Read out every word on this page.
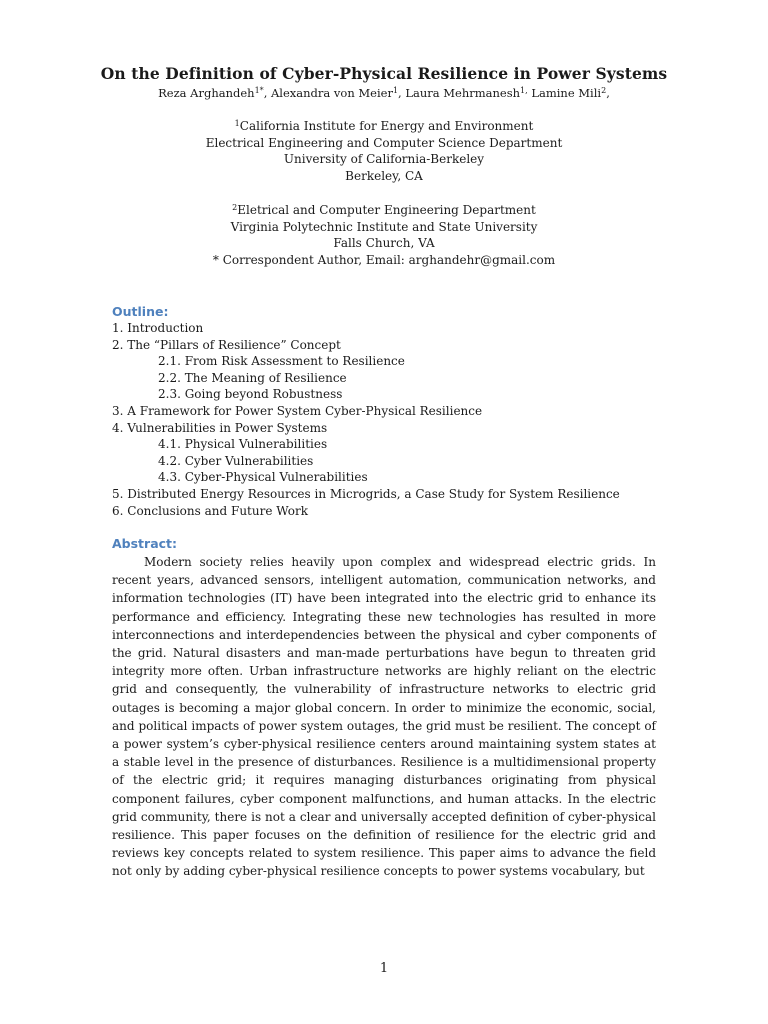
On the Definition of Cyber-Physical Resilience in Power Systems
Reza Arghandeh$^{1*}$, Alexandra von Meier$^1$, Laura Mehrmanesh$^{1,}$ Lamine Mili$^2$,
$^1$California Institute for Energy and Environment
Electrical Engineering and Computer Science Department
University of California-Berkeley
Berkeley, CA
$^2$Eletrical and Computer Engineering Department
Virginia Polytechnic Institute and State University
Falls Church, VA
* Correspondent Author, Email: arghandehr@gmail.com
Outline:
1. Introduction
2. The “Pillars of Resilience” Concept
2.1. From Risk Assessment to Resilience
2.2. The Meaning of Resilience
2.3. Going beyond Robustness
3. A Framework for Power System Cyber-Physical Resilience
4. Vulnerabilities in Power Systems
4.1. Physical Vulnerabilities
4.2. Cyber Vulnerabilities
4.3. Cyber-Physical Vulnerabilities
5. Distributed Energy Resources in Microgrids, a Case Study for System Resilience
6. Conclusions and Future Work
Abstract:
Modern society relies heavily upon complex and widespread electric grids. In recent years, advanced sensors, intelligent automation, communication networks, and information technologies (IT) have been integrated into the electric grid to enhance its performance and efficiency. Integrating these new technologies has resulted in more interconnections and interdependencies between the physical and cyber components of the grid. Natural disasters and man-made perturbations have begun to threaten grid integrity more often. Urban infrastructure networks are highly reliant on the electric grid and consequently, the vulnerability of infrastructure networks to electric grid outages is becoming a major global concern. In order to minimize the economic, social, and political impacts of power system outages, the grid must be resilient. The concept of a power system’s cyber-physical resilience centers around maintaining system states at a stable level in the presence of disturbances. Resilience is a multidimensional property of the electric grid; it requires managing disturbances originating from physical component failures, cyber component malfunctions, and human attacks. In the electric grid community, there is not a clear and universally accepted definition of cyber-physical resilience. This paper focuses on the definition of resilience for the electric grid and reviews key concepts related to system resilience. This paper aims to advance the field not only by adding cyber-physical resilience concepts to power systems vocabulary, but
1
